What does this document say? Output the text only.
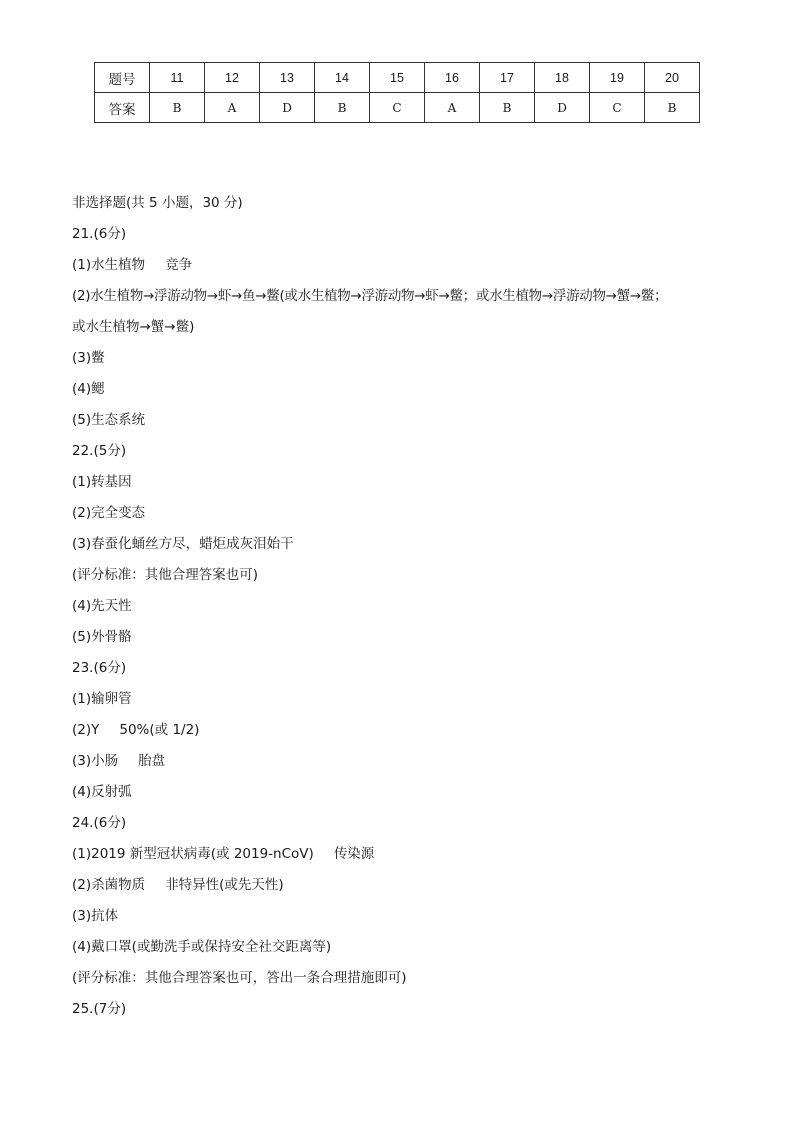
题号	11	12	13	14	15	16	17	18	19	20
答案	B	A	D	B	C	A	B	D	C	B
非选择题(共 5 小题，30 分)
21.(6分)
(1)水生植物 竞争
(2)水生植物→浮游动物→虾→鱼→鳖(或水生植物→浮游动物→虾→鳖；或水生植物→浮游动物→蟹→鳖；
或水生植物→蟹→鳖)
(3)鳖
(4)鳃
(5)生态系统
22.(5分)
(1)转基因
(2)完全变态
(3)春蚕化蛹丝方尽，蜡炬成灰泪始干
(评分标准：其他合理答案也可)
(4)先天性
(5)外骨骼
23.(6分)
(1)输卵管
(2)Y 50%(或 1/2)
(3)小肠 胎盘
(4)反射弧
24.(6分)
(1)2019 新型冠状病毒(或 2019-nCoV) 传染源
(2)杀菌物质 非特异性(或先天性)
(3)抗体
(4)戴口罩(或勤洗手或保持安全社交距离等)
(评分标准：其他合理答案也可，答出一条合理措施即可)
25.(7分)
